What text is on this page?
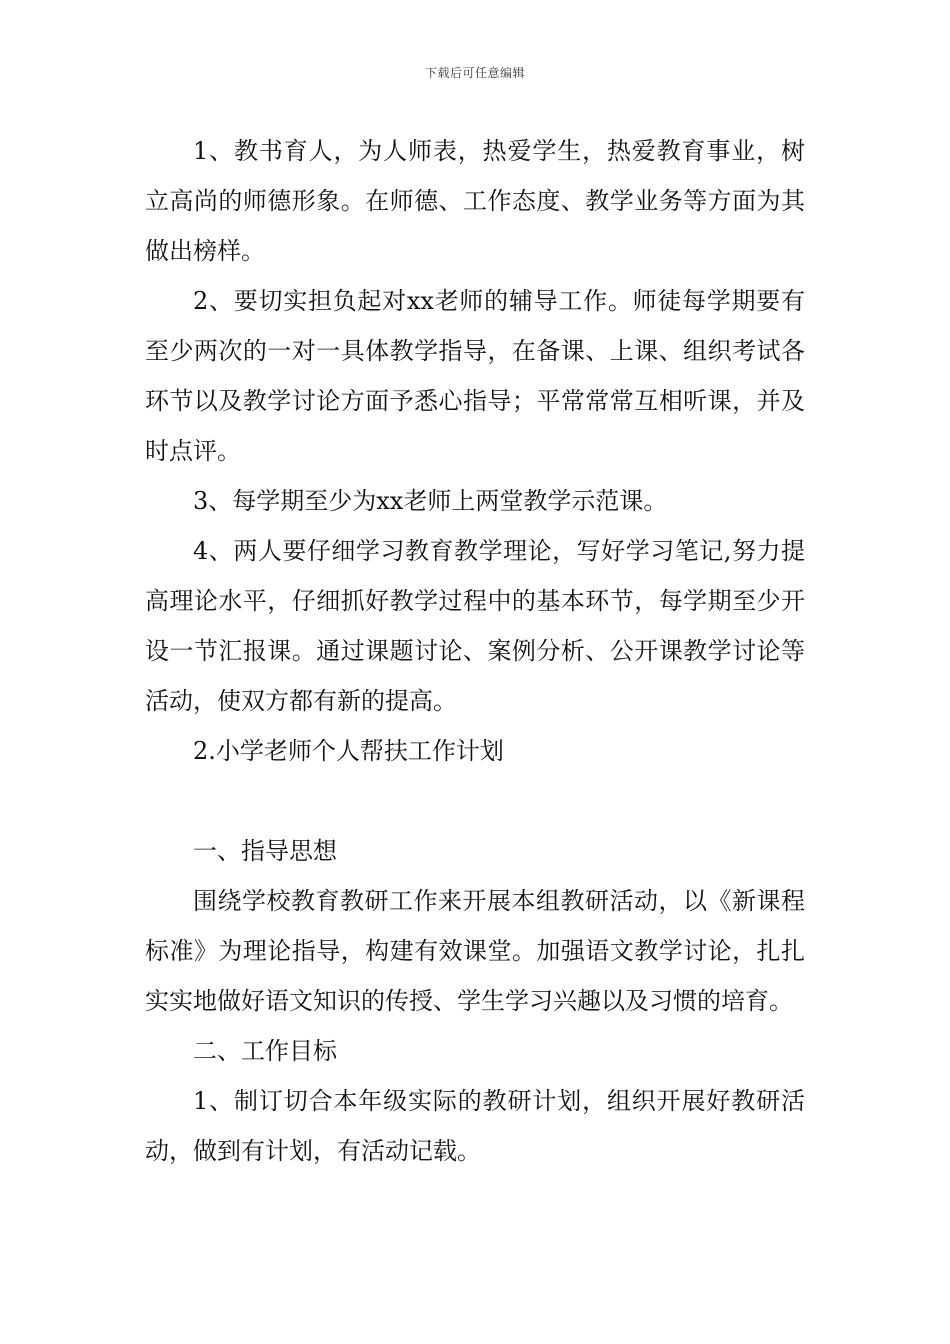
下载后可任意编辑

1、教书育人，为人师表，热爱学生，热爱教育事业，树立高尚的师德形象。在师德、工作态度、教学业务等方面为其做出榜样。

2、要切实担负起对xx老师的辅导工作。师徒每学期要有至少两次的一对一具体教学指导，在备课、上课、组织考试各环节以及教学讨论方面予悉心指导；平常常常互相听课，并及时点评。

3、每学期至少为xx老师上两堂教学示范课。

4、两人要仔细学习教育教学理论，写好学习笔记,努力提高理论水平，仔细抓好教学过程中的基本环节，每学期至少开设一节汇报课。通过课题讨论、案例分析、公开课教学讨论等活动，使双方都有新的提高。

2.小学老师个人帮扶工作计划

一、指导思想

围绕学校教育教研工作来开展本组教研活动，以《新课程标准》为理论指导，构建有效课堂。加强语文教学讨论，扎扎实实地做好语文知识的传授、学生学习兴趣以及习惯的培育。

二、工作目标

1、制订切合本年级实际的教研计划，组织开展好教研活动，做到有计划，有活动记载。
